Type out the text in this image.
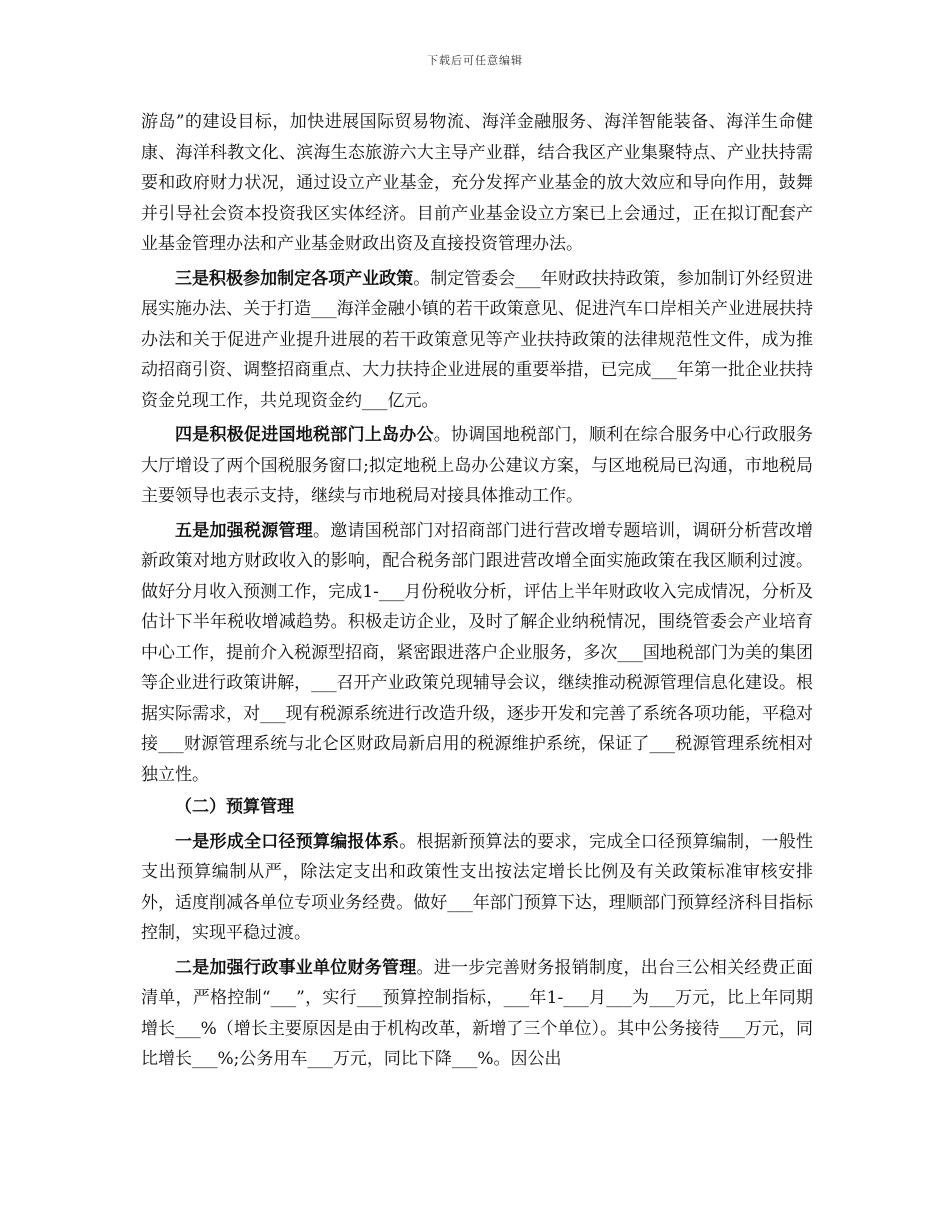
下载后可任意编辑

游岛”的建设目标，加快进展国际贸易物流、海洋金融服务、海洋智能装备、海洋生命健康、海洋科教文化、滨海生态旅游六大主导产业群，结合我区产业集聚特点、产业扶持需要和政府财力状况，通过设立产业基金，充分发挥产业基金的放大效应和导向作用，鼓舞并引导社会资本投资我区实体经济。目前产业基金设立方案已上会通过，正在拟订配套产业基金管理办法和产业基金财政出资及直接投资管理办法。

三是积极参加制定各项产业政策。制定管委会___年财政扶持政策，参加制订外经贸进展实施办法、关于打造___海洋金融小镇的若干政策意见、促进汽车口岸相关产业进展扶持办法和关于促进产业提升进展的若干政策意见等产业扶持政策的法律规范性文件，成为推动招商引资、调整招商重点、大力扶持企业进展的重要举措，已完成___年第一批企业扶持资金兑现工作，共兑现资金约___亿元。

四是积极促进国地税部门上岛办公。协调国地税部门，顺利在综合服务中心行政服务大厅增设了两个国税服务窗口;拟定地税上岛办公建议方案，与区地税局已沟通，市地税局主要领导也表示支持，继续与市地税局对接具体推动工作。

五是加强税源管理。邀请国税部门对招商部门进行营改增专题培训，调研分析营改增新政策对地方财政收入的影响，配合税务部门跟进营改增全面实施政策在我区顺利过渡。做好分月收入预测工作，完成1-___月份税收分析，评估上半年财政收入完成情况，分析及估计下半年税收增减趋势。积极走访企业，及时了解企业纳税情况，围绕管委会产业培育中心工作，提前介入税源型招商，紧密跟进落户企业服务，多次___国地税部门为美的集团等企业进行政策讲解，___召开产业政策兑现辅导会议，继续推动税源管理信息化建设。根据实际需求，对___现有税源系统进行改造升级，逐步开发和完善了系统各项功能，平稳对接___财源管理系统与北仑区财政局新启用的税源维护系统，保证了___税源管理系统相对独立性。

（二）预算管理

一是形成全口径预算编报体系。根据新预算法的要求，完成全口径预算编制，一般性支出预算编制从严，除法定支出和政策性支出按法定增长比例及有关政策标准审核安排外，适度削减各单位专项业务经费。做好___年部门预算下达，理顺部门预算经济科目指标控制，实现平稳过渡。

二是加强行政事业单位财务管理。进一步完善财务报销制度，出台三公相关经费正面清单，严格控制“___”，实行___预算控制指标，___年1-___月___为___万元，比上年同期增长___%（增长主要原因是由于机构改革，新增了三个单位）。其中公务接待___万元，同比增长___%;公务用车___万元，同比下降___%。因公出
